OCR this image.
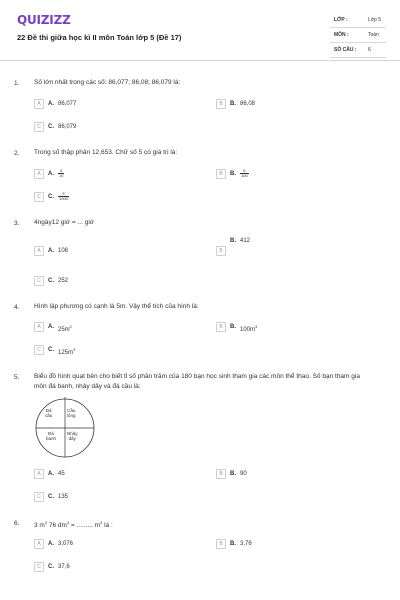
QUIZIZZ
22 Đề thi giữa học kì II môn Toán lớp 5 (Đề 17)
LỚP :	Lớp 5
MÔN :	Toán
SỐ CÂU : 6
1. Số lớn nhất trong các số: 86,077; 86,08; 86,079 là:
A	A. 86,077	B	B. 86,08
C	C. 86,079
2. Trong số thập phân 12,653. Chữ số 5 có giá trị là:
A	A. $\frac{5}{10}$	B	B. $\frac{5}{100}$
C	C. $\frac{5}{1000}$
3. 4ngày12 giờ = ... giờ
A	A. 108	B
B. 412
C	C. 252
4. Hình lập phương có cạnh là 5m. Vậy thể tích của hình là:
A	A. $25m^2$	B	B. $100m^3$
C	C. $125m^3$
5. Biểu đồ hình quạt bên cho biết tỉ số phần trăm của 180 bạn học sinh tham gia các môn thể thao. Số bạn tham gia môn đá banh, nhảy dây và đá cầu là:
Đá
cầu
Cầu
lông
Đá
banh
Nhảy
dây
A	A. 45	B	B. 90
C	C. 135
6. 3 $m^3$ 76 $dm^3$ = ......... $m^3$ là :
A	A. 3,076	B	B. 3,76
C	C. 37,6
